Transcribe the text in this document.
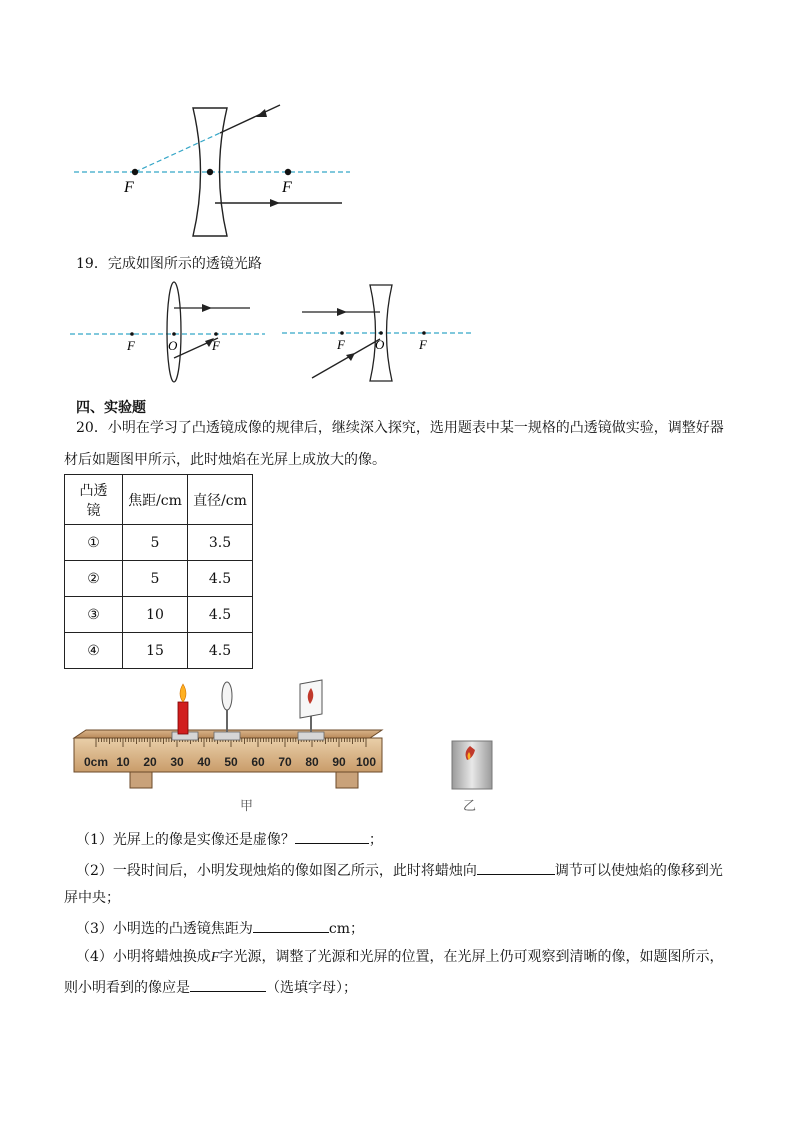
F	F
19．完成如图所示的透镜光路
F	O	F	F O	F
四、实验题
20．小明在学习了凸透镜成像的规律后，继续深入探究，选用题表中某一规格的凸透镜做实验，调整好器
材后如题图甲所示，此时烛焰在光屏上成放大的像。
凸透
镜	焦距/cm	直径/cm
①	5	3.5
②	5	4.5
③	10	4.5
④	15	4.5
0cm 10 20 30 40 50 60 70 80 90 100
甲	乙
（1）光屏上的像是实像还是虚像？	；
（2）一段时间后，小明发现烛焰的像如图乙所示，此时将蜡烛向	调节可以使烛焰的像移到光
屏中央；
（3）小明选的凸透镜焦距为	cm；
（4）小明将蜡烛换成F字光源，调整了光源和光屏的位置，在光屏上仍可观察到清晰的像，如题图所示，
则小明看到的像应是	（选填字母）；
